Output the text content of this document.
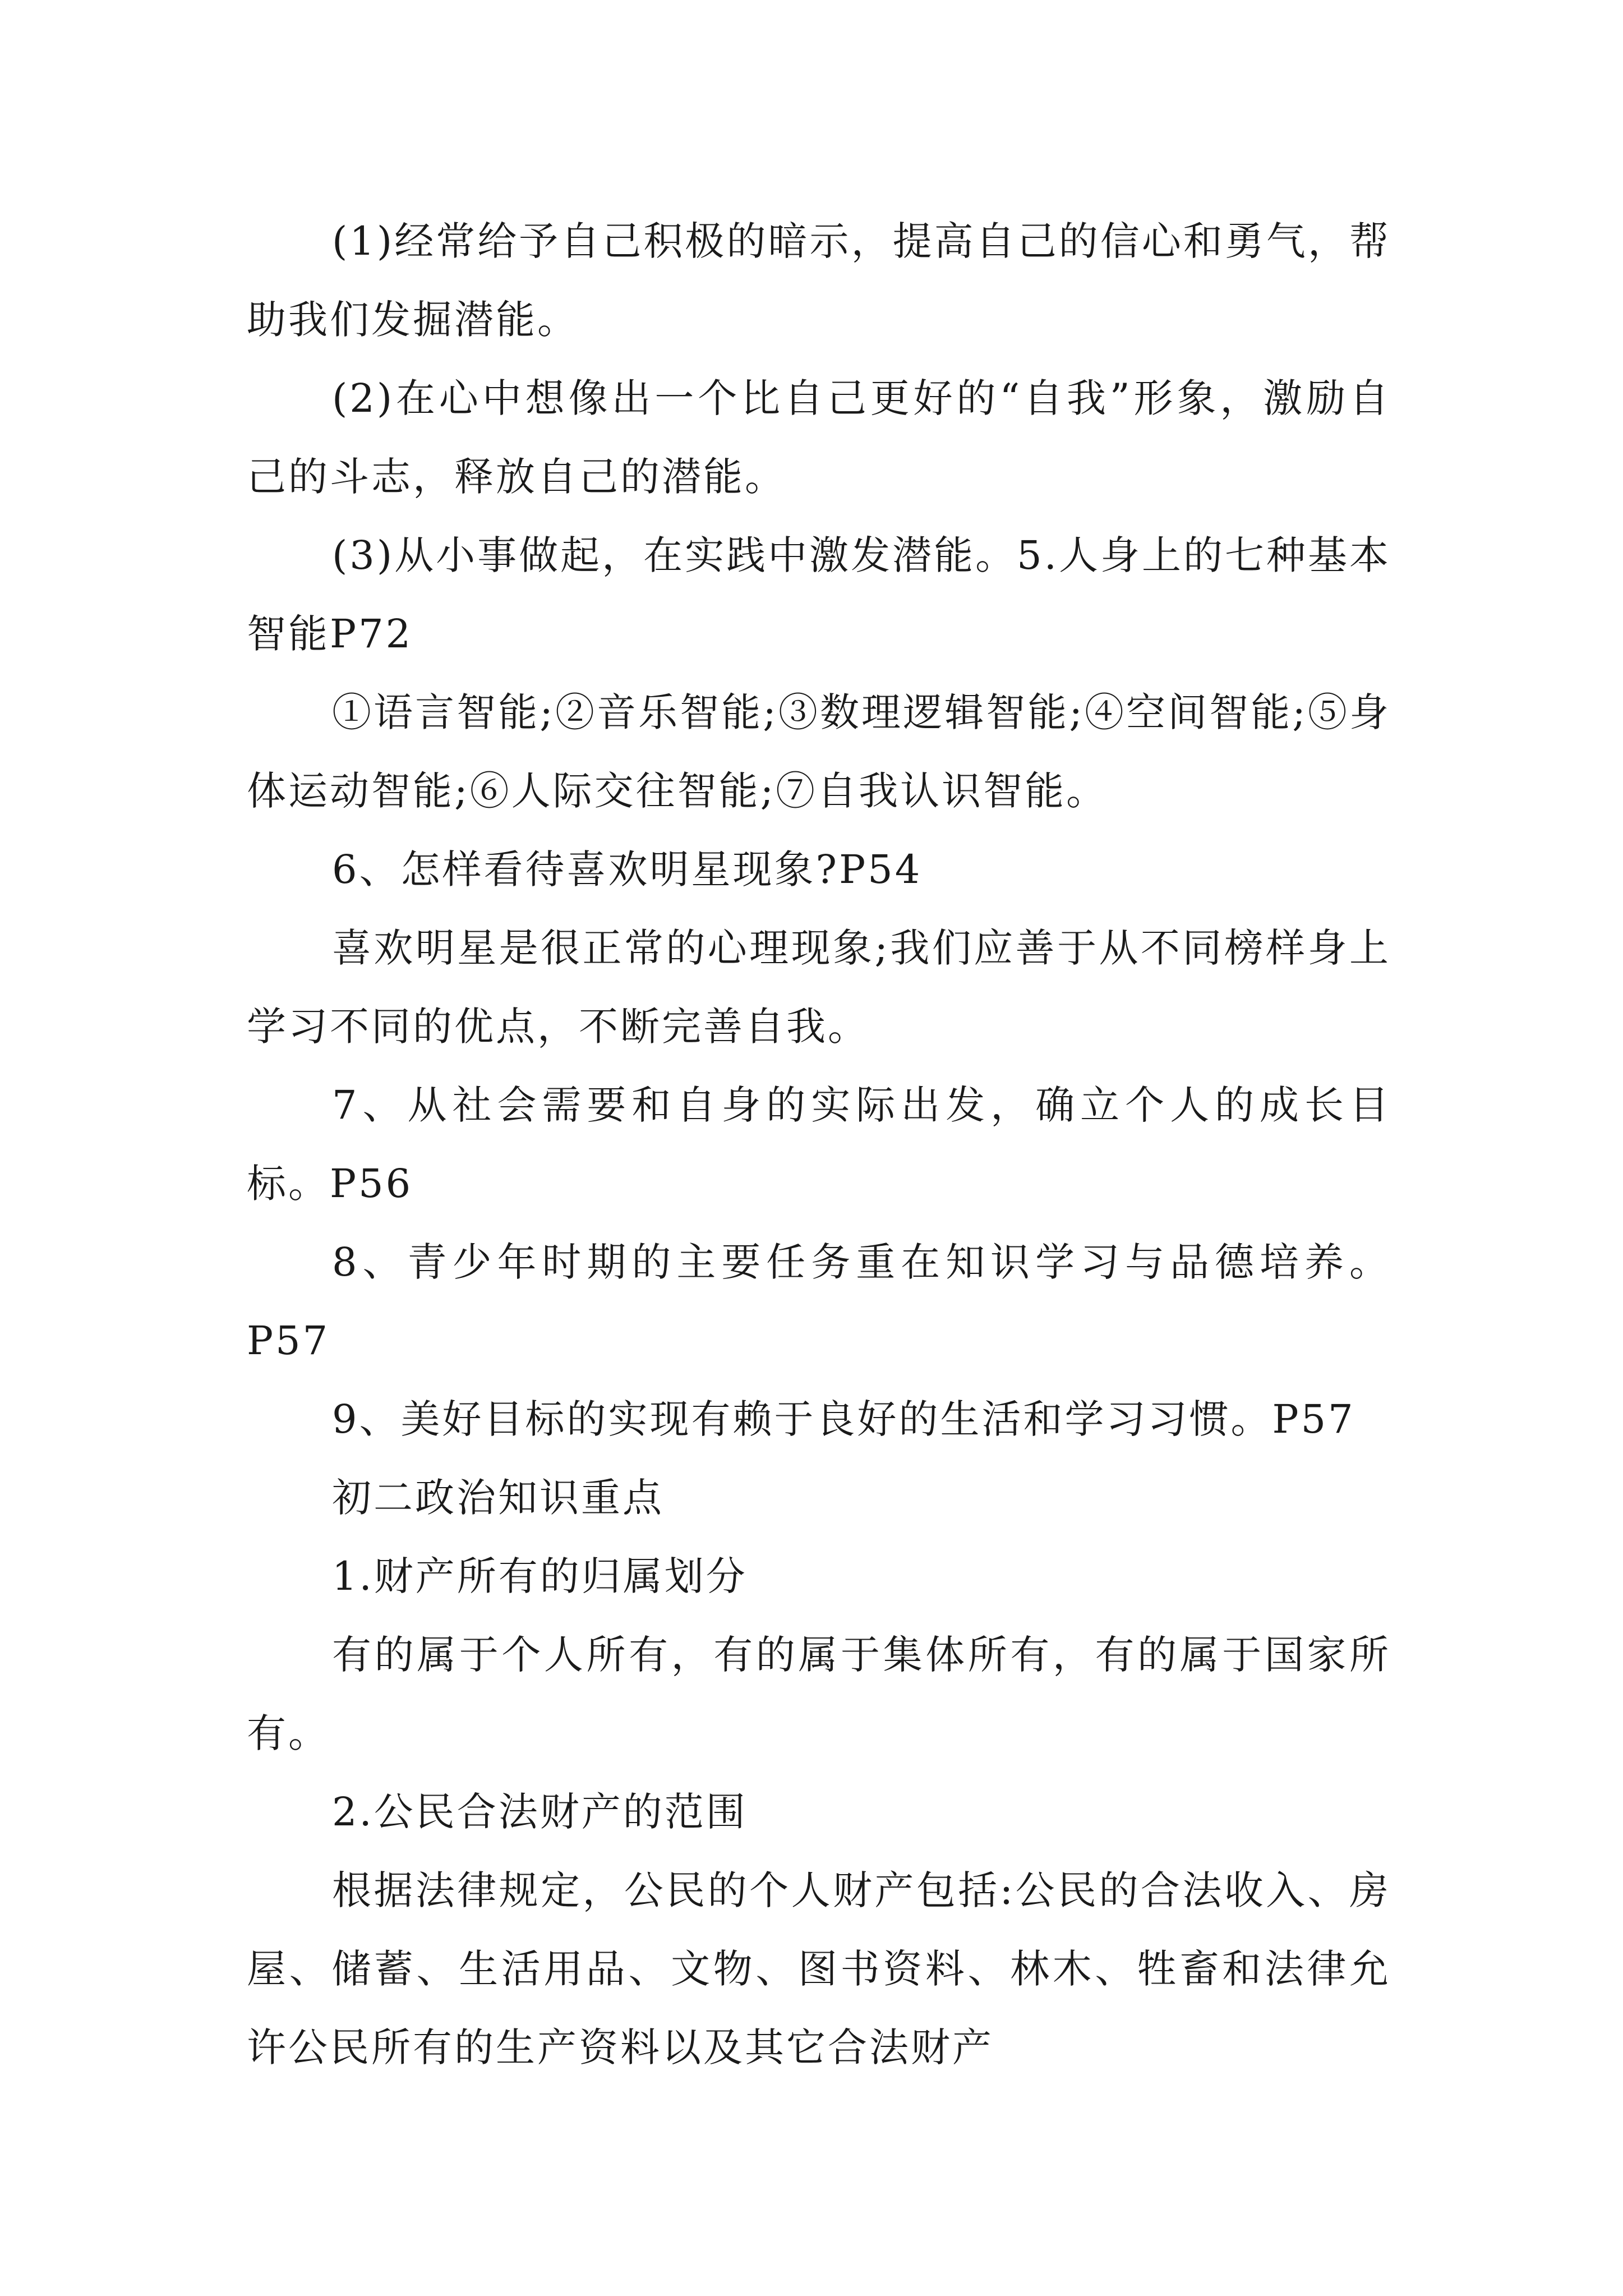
(1)经常给予自己积极的暗示，提高自己的信心和勇气，帮助我们发掘潜能。

(2)在心中想像出一个比自己更好的“自我”形象，激励自己的斗志，释放自己的潜能。

(3)从小事做起，在实践中激发潜能。5.人身上的七种基本智能P72

①语言智能;②音乐智能;③数理逻辑智能;④空间智能;⑤身体运动智能;⑥人际交往智能;⑦自我认识智能。

6、怎样看待喜欢明星现象?P54

喜欢明星是很正常的心理现象;我们应善于从不同榜样身上学习不同的优点，不断完善自我。

7、从社会需要和自身的实际出发，确立个人的成长目标。P56

8、青少年时期的主要任务重在知识学习与品德培养。P57

9、美好目标的实现有赖于良好的生活和学习习惯。P57

初二政治知识重点

1.财产所有的归属划分

有的属于个人所有，有的属于集体所有，有的属于国家所有。

2.公民合法财产的范围

根据法律规定，公民的个人财产包括:公民的合法收入、房屋、储蓄、生活用品、文物、图书资料、林木、牲畜和法律允许公民所有的生产资料以及其它合法财产
